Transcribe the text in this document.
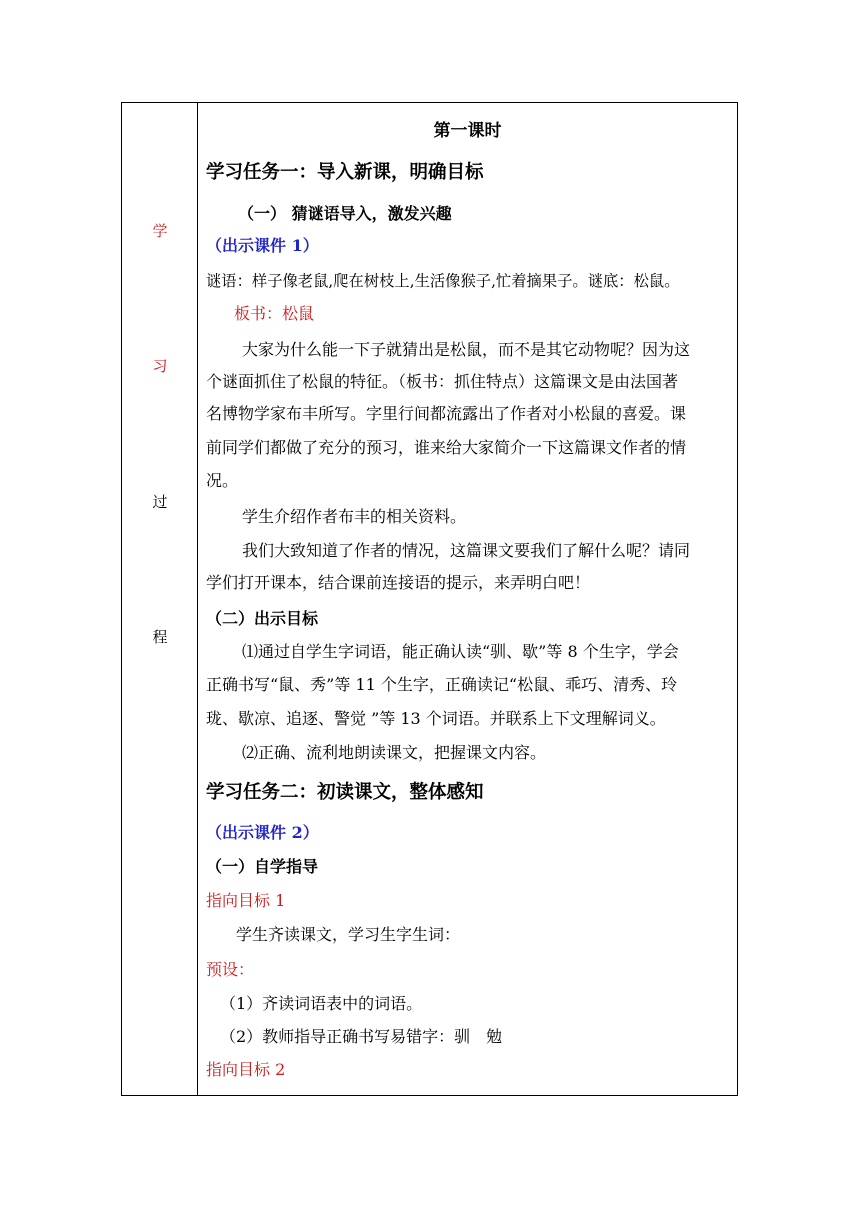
学
习
过
程
第一课时
学习任务一：导入新课，明确目标
（一） 猜谜语导入，激发兴趣
（出示课件 1）
谜语：样子像老鼠,爬在树枝上,生活像猴子,忙着摘果子。谜底：松鼠。
板书：松鼠
大家为什么能一下子就猜出是松鼠，而不是其它动物呢？因为这
个谜面抓住了松鼠的特征。（板书：抓住特点）这篇课文是由法国著
名博物学家布丰所写。字里行间都流露出了作者对小松鼠的喜爱。课
前同学们都做了充分的预习，谁来给大家简介一下这篇课文作者的情
况。
学生介绍作者布丰的相关资料。
我们大致知道了作者的情况，这篇课文要我们了解什么呢？请同
学们打开课本，结合课前连接语的提示，来弄明白吧！
（二）出示目标
⑴通过自学生字词语，能正确认读“驯、歇”等 8 个生字，学会
正确书写“鼠、秀”等 11 个生字，正确读记“松鼠、乖巧、清秀、玲
珑、歇凉、追逐、警觉 ”等 13 个词语。并联系上下文理解词义。
⑵正确、流利地朗读课文，把握课文内容。
学习任务二：初读课文，整体感知
（出示课件 2）
（一）自学指导
指向目标 1
学生齐读课文，学习生字生词：
预设：
（1）齐读词语表中的词语。
（2）教师指导正确书写易错字：驯　勉
指向目标 2
